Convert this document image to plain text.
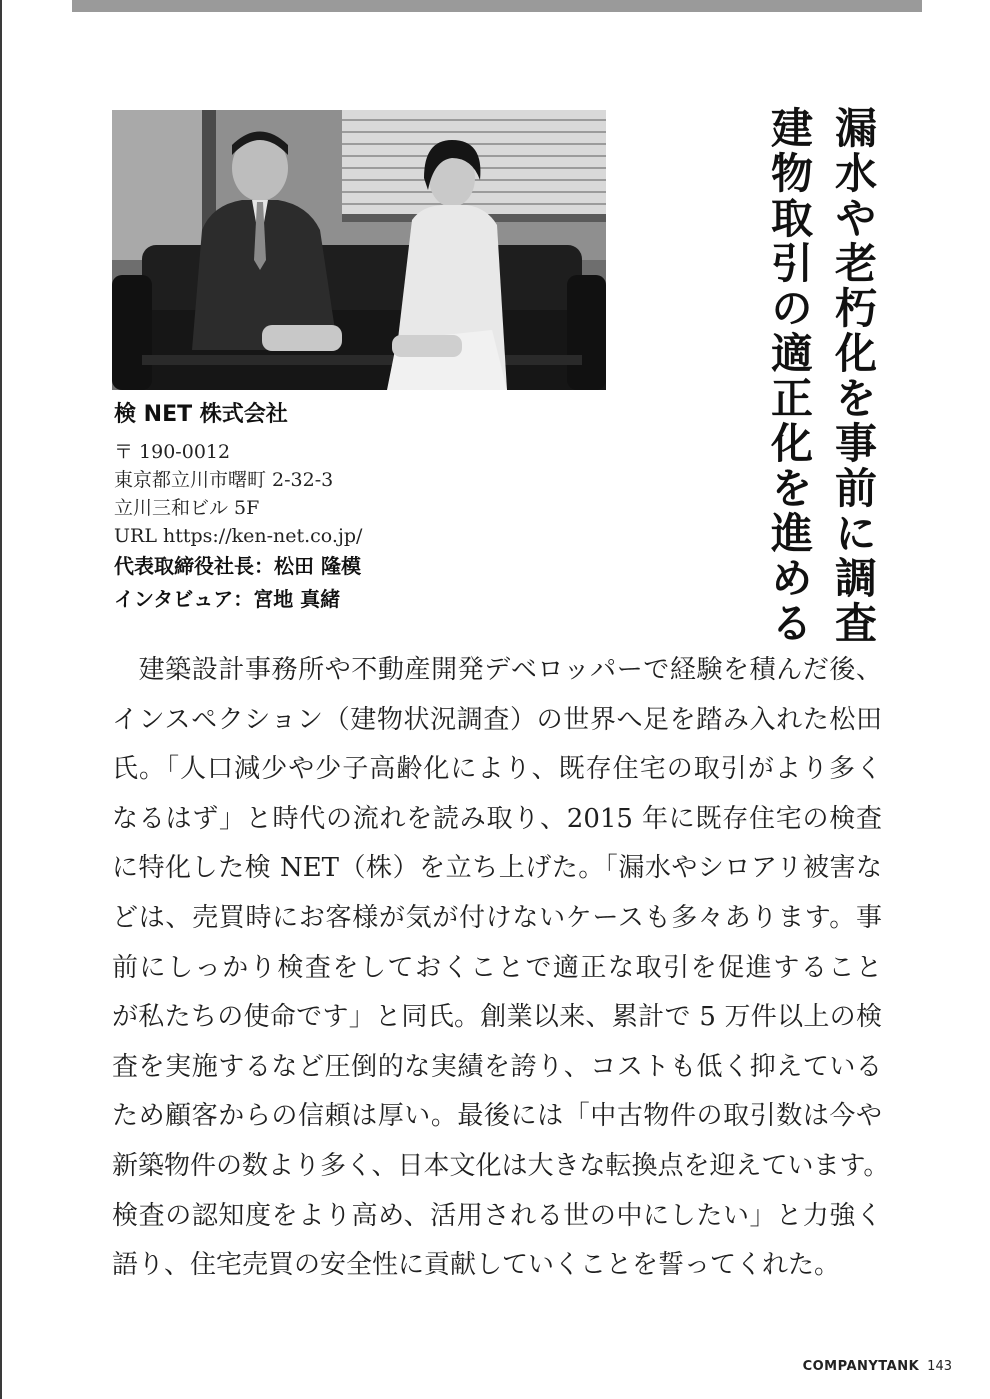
検 NET 株式会社
〒 190-0012
東京都立川市曙町 2-32-3
立川三和ビル 5F
URL https://ken-net.co.jp/
代表取締役社長：松田 隆模
インタビュア：宮地 真緒	漏水や老朽化を事前に調査
建物取引の適正化を進める

　建築設計事務所や不動産開発デベロッパーで経験を積んだ後、
インスペクション（建物状況調査）の世界へ足を踏み入れた松田
氏。「人口減少や少子高齢化により、既存住宅の取引がより多く
なるはず」と時代の流れを読み取り、2015 年に既存住宅の検査
に特化した検 NET（株）を立ち上げた。「漏水やシロアリ被害な
どは、売買時にお客様が気が付けないケースも多々あります。事
前にしっかり検査をしておくことで適正な取引を促進すること
が私たちの使命です」と同氏。創業以来、累計で 5 万件以上の検
査を実施するなど圧倒的な実績を誇り、コストも低く抑えている
ため顧客からの信頼は厚い。最後には「中古物件の取引数は今や
新築物件の数より多く、日本文化は大きな転換点を迎えています。
検査の認知度をより高め、活用される世の中にしたい」と力強く
語り、住宅売買の安全性に貢献していくことを誓ってくれた。

COMPANYTANK 143
